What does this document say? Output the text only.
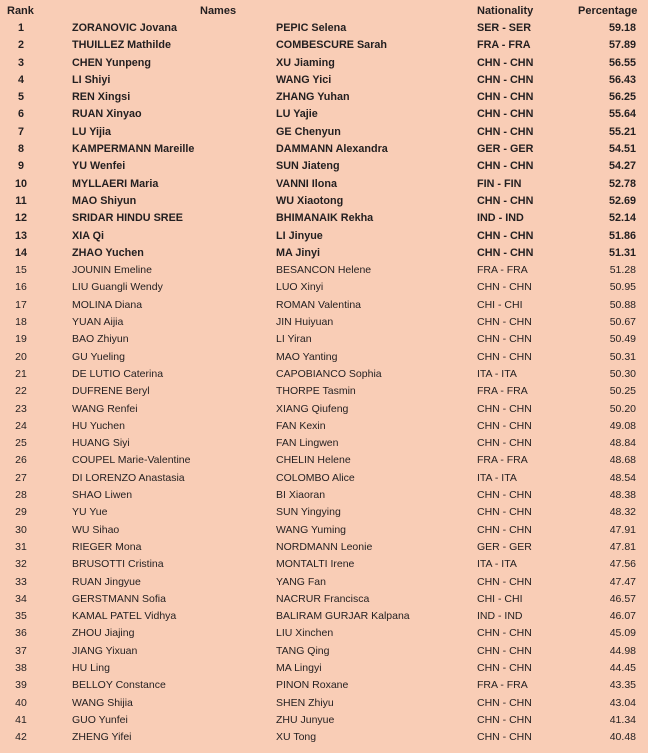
Rank	Names	Nationality	Percentage
1	ZORANOVIC Jovana	PEPIC Selena	SER - SER	59.18
2	THUILLEZ Mathilde	COMBESCURE Sarah	FRA - FRA	57.89
3	CHEN Yunpeng	XU Jiaming	CHN - CHN	56.55
4	LI Shiyi	WANG Yici	CHN - CHN	56.43
5	REN Xingsi	ZHANG Yuhan	CHN - CHN	56.25
6	RUAN Xinyao	LU Yajie	CHN - CHN	55.64
7	LU Yijia	GE Chenyun	CHN - CHN	55.21
8	KAMPERMANN Mareille	DAMMANN Alexandra	GER - GER	54.51
9	YU Wenfei	SUN Jiateng	CHN - CHN	54.27
10	MYLLAERI Maria	VANNI Ilona	FIN - FIN	52.78
11	MAO Shiyun	WU Xiaotong	CHN - CHN	52.69
12	SRIDAR HINDU SREE	BHIMANAIK Rekha	IND - IND	52.14
13	XIA Qi	LI Jinyue	CHN - CHN	51.86
14	ZHAO Yuchen	MA Jinyi	CHN - CHN	51.31
15	JOUNIN Emeline	BESANCON Helene	FRA - FRA	51.28
16	LIU Guangli Wendy	LUO Xinyi	CHN - CHN	50.95
17	MOLINA Diana	ROMAN Valentina	CHI - CHI	50.88
18	YUAN Aijia	JIN Huiyuan	CHN - CHN	50.67
19	BAO Zhiyun	LI Yiran	CHN - CHN	50.49
20	GU Yueling	MAO Yanting	CHN - CHN	50.31
21	DE LUTIO Caterina	CAPOBIANCO Sophia	ITA - ITA	50.30
22	DUFRENE Beryl	THORPE Tasmin	FRA - FRA	50.25
23	WANG Renfei	XIANG Qiufeng	CHN - CHN	50.20
24	HU Yuchen	FAN Kexin	CHN - CHN	49.08
25	HUANG Siyi	FAN Lingwen	CHN - CHN	48.84
26	COUPEL Marie-Valentine	CHELIN Helene	FRA - FRA	48.68
27	DI LORENZO Anastasia	COLOMBO Alice	ITA - ITA	48.54
28	SHAO Liwen	BI Xiaoran	CHN - CHN	48.38
29	YU Yue	SUN Yingying	CHN - CHN	48.32
30	WU Sihao	WANG Yuming	CHN - CHN	47.91
31	RIEGER Mona	NORDMANN Leonie	GER - GER	47.81
32	BRUSOTTI Cristina	MONTALTI Irene	ITA - ITA	47.56
33	RUAN Jingyue	YANG Fan	CHN - CHN	47.47
34	GERSTMANN Sofia	NACRUR Francisca	CHI - CHI	46.57
35	KAMAL PATEL Vidhya	BALIRAM GURJAR Kalpana	IND - IND	46.07
36	ZHOU Jiajing	LIU Xinchen	CHN - CHN	45.09
37	JIANG Yixuan	TANG Qing	CHN - CHN	44.98
38	HU Ling	MA Lingyi	CHN - CHN	44.45
39	BELLOY Constance	PINON Roxane	FRA - FRA	43.35
40	WANG Shijia	SHEN Zhiyu	CHN - CHN	43.04
41	GUO Yunfei	ZHU Junyue	CHN - CHN	41.34
42	ZHENG Yifei	XU Tong	CHN - CHN	40.48
